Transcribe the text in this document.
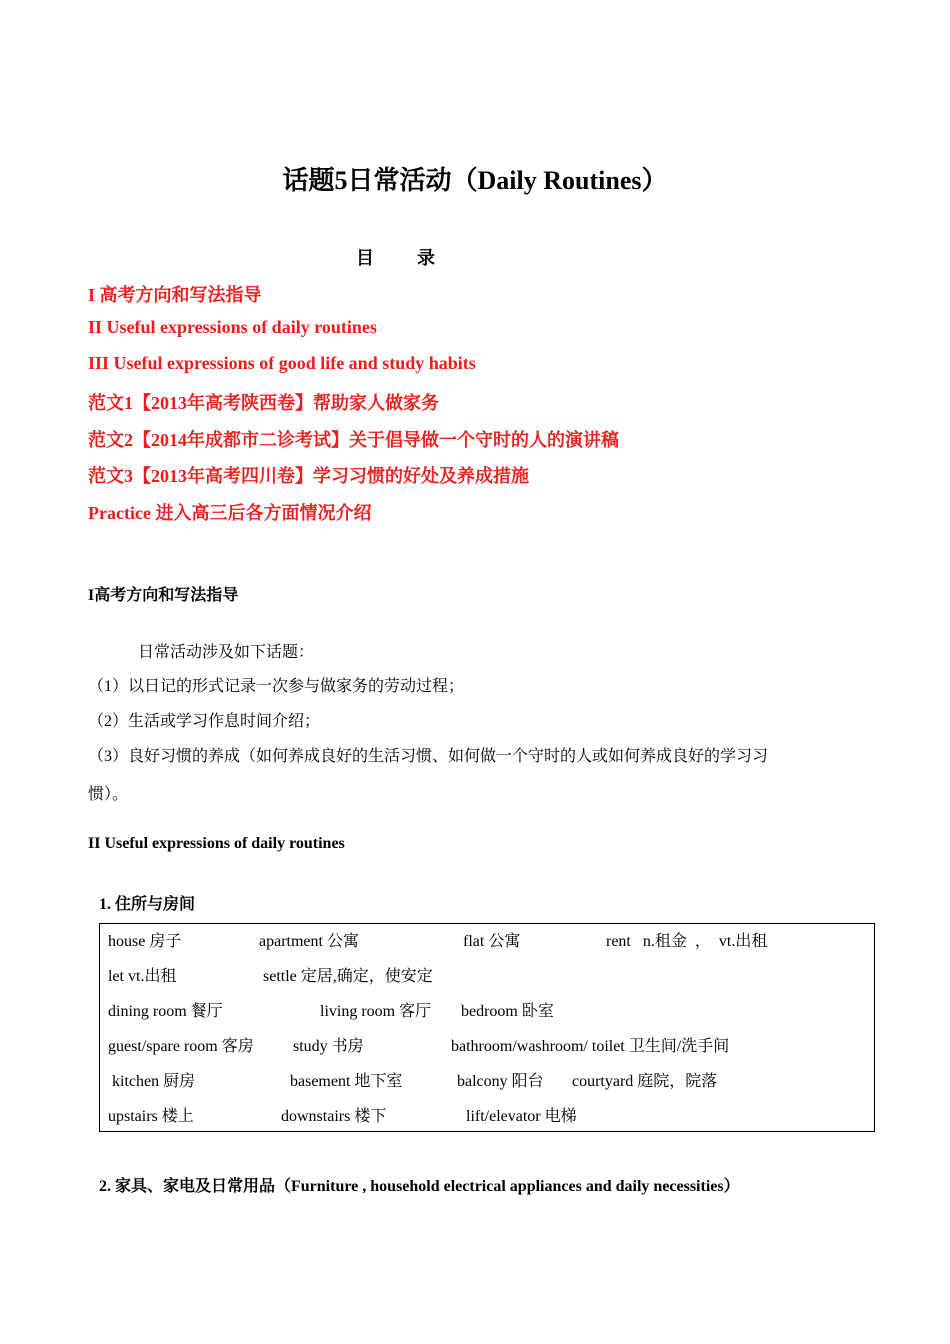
话题5日常活动（Daily Routines）
目 录
I 高考方向和写法指导
II Useful expressions of daily routines
III Useful expressions of good life and study habits
范文1【2013年高考陕西卷】帮助家人做家务
范文2【2014年成都市二诊考试】关于倡导做一个守时的人的演讲稿
范文3【2013年高考四川卷】学习习惯的好处及养成措施
Practice 进入高三后各方面情况介绍
I高考方向和写法指导
日常活动涉及如下话题：
（1）以日记的形式记录一次参与做家务的劳动过程；
（2）生活或学习作息时间介绍；
（3）良好习惯的养成（如何养成良好的生活习惯、如何做一个守时的人或如何养成良好的学习习
惯）。
II Useful expressions of daily routines
1. 住所与房间
house 房子	apartment 公寓	flat 公寓	rent   n.租金  ，  vt.出租
let vt.出租	settle 定居,确定，使安定
dining room 餐厅	living room 客厅 bedroom 卧室
guest/spare room 客房 study 书房	bathroom/washroom/ toilet 卫生间/洗手间
kitchen 厨房	basement 地下室	balcony 阳台 courtyard 庭院，院落
upstairs 楼上	downstairs 楼下	lift/elevator 电梯
2. 家具、家电及日常用品（Furniture , household electrical appliances and daily necessities）
